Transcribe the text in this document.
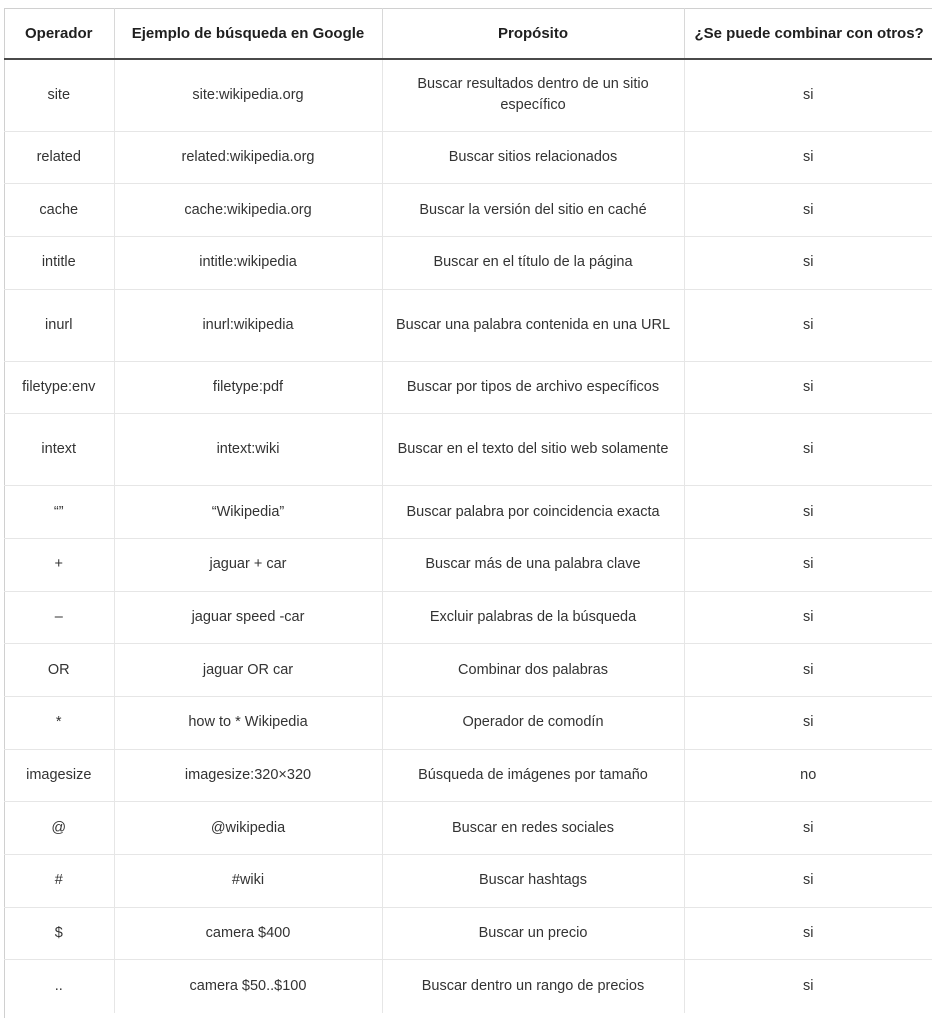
Operador	Ejemplo de búsqueda en Google	Propósito	¿Se puede combinar con otros?
site	site:wikipedia.org	Buscar resultados dentro de un sitio específico	si
related	related:wikipedia.org	Buscar sitios relacionados	si
cache	cache:wikipedia.org	Buscar la versión del sitio en caché	si
intitle	intitle:wikipedia	Buscar en el título de la página	si
inurl	inurl:wikipedia	Buscar una palabra contenida en una URL	si
filetype:env	filetype:pdf	Buscar por tipos de archivo específicos	si
intext	intext:wiki	Buscar en el texto del sitio web solamente	si
“”	“Wikipedia”	Buscar palabra por coincidencia exacta	si
+	jaguar + car	Buscar más de una palabra clave	si
–	jaguar speed -car	Excluir palabras de la búsqueda	si
OR	jaguar OR car	Combinar dos palabras	si
*	how to * Wikipedia	Operador de comodín	si
imagesize	imagesize:320×320	Búsqueda de imágenes por tamaño	no
@	@wikipedia	Buscar en redes sociales	si
#	#wiki	Buscar hashtags	si
$	camera $400	Buscar un precio	si
..	camera $50..$100	Buscar dentro un rango de precios	si
